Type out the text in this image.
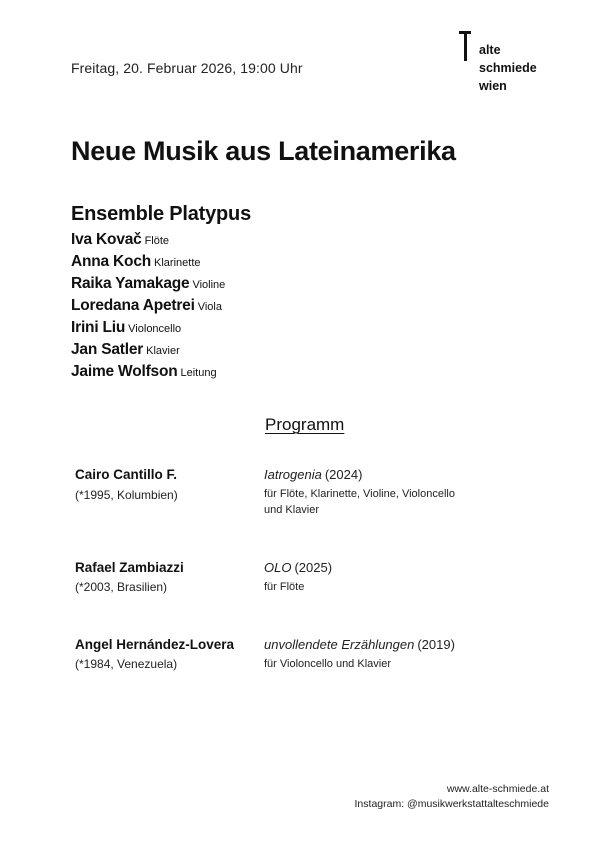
Freitag, 20. Februar 2026, 19:00 Uhr
alte
schmiede
wien
Neue Musik aus Lateinamerika
Ensemble Platypus
Iva Kovač Flöte
Anna Koch Klarinette
Raika Yamakage Violine
Loredana Apetrei Viola
Irini Liu Violoncello
Jan Satler Klavier
Jaime Wolfson Leitung
Programm
Cairo Cantillo F.
(*1995, Kolumbien)
Iatrogenia (2024)
für Flöte, Klarinette, Violine, Violoncello und Klavier
Rafael Zambiazzi
(*2003, Brasilien)
OLO (2025)
für Flöte
Angel Hernández-Lovera
(*1984, Venezuela)
unvollendete Erzählungen (2019)
für Violoncello und Klavier
www.alte-schmiede.at
Instagram: @musikwerkstattalteschmiede
